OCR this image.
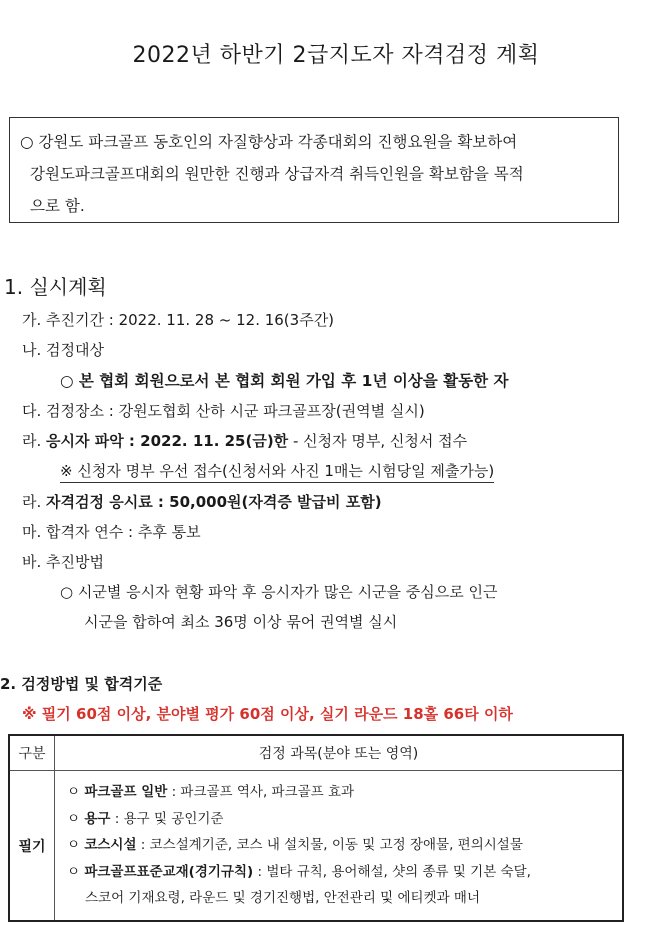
2022년 하반기 2급지도자 자격검정 계획
○ 강원도 파크골프 동호인의 자질향상과 각종대회의 진행요원을 확보하여
강원도파크골프대회의 원만한 진행과 상급자격 취득인원을 확보함을 목적
으로 함.
1. 실시계획
가. 추진기간 : 2022. 11. 28 ~ 12. 16(3주간)
나. 검정대상
○ 본 협회 회원으로서 본 협회 회원 가입 후 1년 이상을 활동한 자
다. 검정장소 : 강원도협회 산하 시군 파크골프장(권역별 실시)
라. 응시자 파악 : 2022. 11. 25(금)한 - 신청자 명부, 신청서 접수
※ 신청자 명부 우선 접수(신청서와 사진 1매는 시험당일 제출가능)
라. 자격검정 응시료 : 50,000원(자격증 발급비 포함)
마. 합격자 연수 : 추후 통보
바. 추진방법
○ 시군별 응시자 현황 파악 후 응시자가 많은 시군을 중심으로 인근
시군을 합하여 최소 36명 이상 묶어 권역별 실시
2. 검정방법 및 합격기준
※ 필기 60점 이상, 분야별 평가 60점 이상, 실기 라운드 18홀 66타 이하
구분	검정 과목(분야 또는 영역)
필기	ㅇ 파크골프 일반 : 파크골프 역사, 파크골프 효과
ㅇ 용구 : 용구 및 공인기준
ㅇ 코스시설 : 코스설계기준, 코스 내 설치물, 이동 및 고정 장애물, 편의시설물
ㅇ 파크골프표준교재(경기규칙) : 벌타 규칙, 용어해설, 샷의 종류 및 기본 숙달,
스코어 기재요령, 라운드 및 경기진행법, 안전관리 및 에티켓과 매너
